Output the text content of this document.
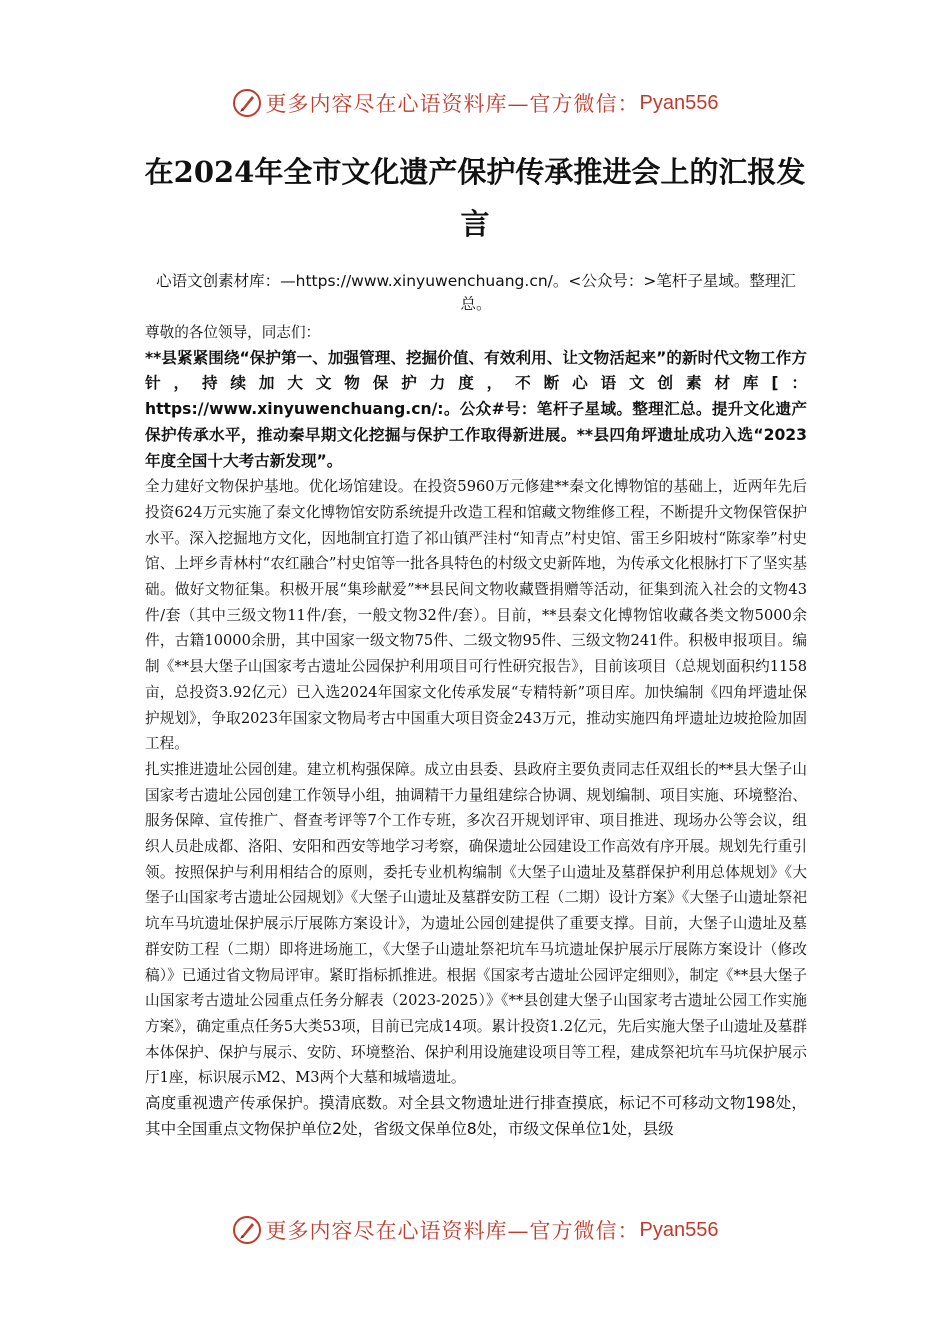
更多内容尽在心语资料库—官方微信： Pyan556
在2024年全市文化遗产保护传承推进会上的汇报发言
心语文创素材库：—https://www.xinyuwenchuang.cn/。<公众号：>笔杆子星域。整理汇总。

尊敬的各位领导，同志们：

**县紧紧围绕“保护第一、加强管理、挖掘价值、有效利用、让文物活起来”的新时代文物工作方针，持续加大文物保护力度，不断心语文创素材库[：https://www.xinyuwenchuang.cn/:。公众#号：笔杆子星域。整理汇总。提升文化遗产保护传承水平，推动秦早期文化挖掘与保护工作取得新进展。**县四角坪遗址成功入选“2023年度全国十大考古新发现”。

全力建好文物保护基地。优化场馆建设。在投资5960万元修建**秦文化博物馆的基础上，近两年先后投资624万元实施了秦文化博物馆安防系统提升改造工程和馆藏文物维修工程，不断提升文物保管保护水平。深入挖掘地方文化，因地制宜打造了祁山镇严洼村“知青点”村史馆、雷王乡阳坡村“陈家拳”村史馆、上坪乡青林村“农红融合”村史馆等一批各具特色的村级文史新阵地，为传承文化根脉打下了坚实基础。做好文物征集。积极开展“集珍献爱”**县民间文物收藏暨捐赠等活动，征集到流入社会的文物43件/套（其中三级文物11件/套，一般文物32件/套）。目前，**县秦文化博物馆收藏各类文物5000余件，古籍10000余册，其中国家一级文物75件、二级文物95件、三级文物241件。积极申报项目。编制《**县大堡子山国家考古遗址公园保护利用项目可行性研究报告》，目前该项目（总规划面积约1158亩，总投资3.92亿元）已入选2024年国家文化传承发展“专精特新”项目库。加快编制《四角坪遗址保护规划》，争取2023年国家文物局考古中国重大项目资金243万元，推动实施四角坪遗址边坡抢险加固工程。

扎实推进遗址公园创建。建立机构强保障。成立由县委、县政府主要负责同志任双组长的**县大堡子山国家考古遗址公园创建工作领导小组，抽调精干力量组建综合协调、规划编制、项目实施、环境整治、服务保障、宣传推广、督查考评等7个工作专班，多次召开规划评审、项目推进、现场办公等会议，组织人员赴成都、洛阳、安阳和西安等地学习考察，确保遗址公园建设工作高效有序开展。规划先行重引领。按照保护与利用相结合的原则，委托专业机构编制《大堡子山遗址及墓群保护利用总体规划》《大堡子山国家考古遗址公园规划》《大堡子山遗址及墓群安防工程（二期）设计方案》《大堡子山遗址祭祀坑车马坑遗址保护展示厅展陈方案设计》，为遗址公园创建提供了重要支撑。目前，大堡子山遗址及墓群安防工程（二期）即将进场施工，《大堡子山遗址祭祀坑车马坑遗址保护展示厅展陈方案设计（修改稿）》已通过省文物局评审。紧盯指标抓推进。根据《国家考古遗址公园评定细则》，制定《**县大堡子山国家考古遗址公园重点任务分解表（2023-2025）》《**县创建大堡子山国家考古遗址公园工作实施方案》，确定重点任务5大类53项，目前已完成14项。累计投资1.2亿元，先后实施大堡子山遗址及墓群本体保护、保护与展示、安防、环境整治、保护利用设施建设项目等工程，建成祭祀坑车马坑保护展示厅1座，标识展示M2、M3两个大墓和城墙遗址。

高度重视遗产传承保护。摸清底数。对全县文物遗址进行排查摸底，标记不可移动文物198处，其中全国重点文物保护单位2处，省级文保单位8处，市级文保单位1处，县级

更多内容尽在心语资料库—官方微信： Pyan556
